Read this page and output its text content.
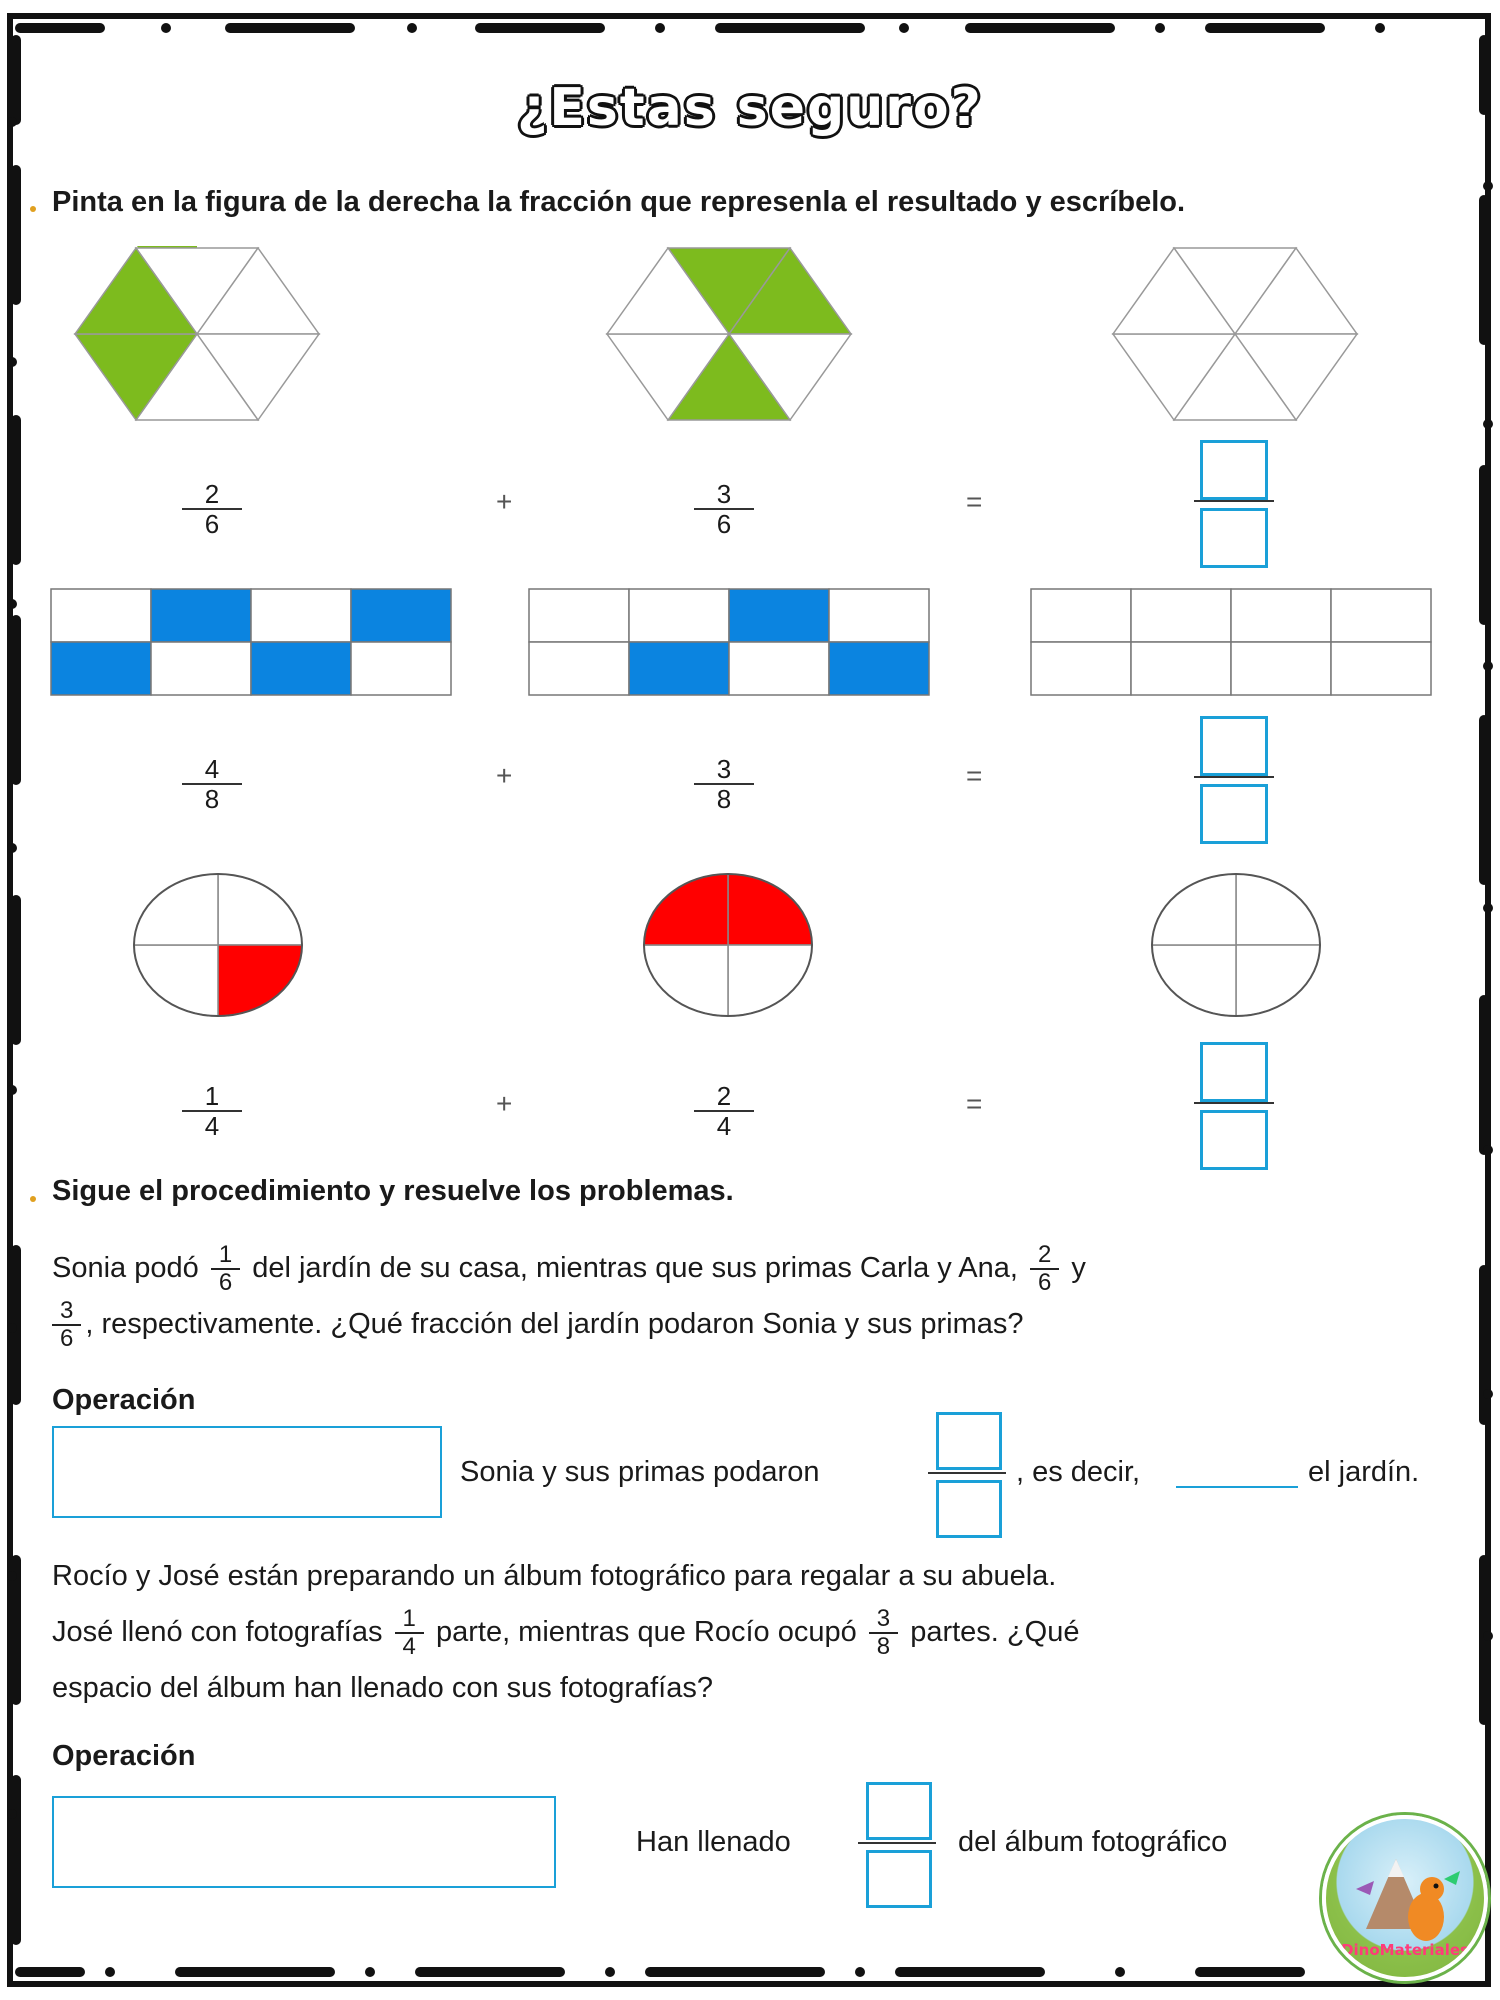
¿Estas seguro?
Pinta en la figura de la derecha la fracción que represenla el resultado y escríbelo.
$\frac{2}{6}$	+	$\frac{3}{6}$	=
$\frac{4}{8}$	+	$\frac{3}{8}$	=
$\frac{1}{4}$	+	$\frac{2}{4}$	=
Sigue el procedimiento y resuelve los problemas.
Sonia podó $\frac{1}{6}$ del jardín de su casa, mientras que sus primas Carla y Ana, $\frac{2}{6}$ y
$\frac{3}{6}$ , respectivamente. ¿Qué fracción del jardín podaron Sonia y sus primas?
Operación
Sonia y sus primas podaron	, es decir,	el jardín.
Rocío y José están preparando un álbum fotográfico para regalar a su abuela.
José llenó con fotografías $\frac{1}{4}$ parte, mientras que Rocío ocupó $\frac{3}{8}$ partes. ¿Qué
espacio del álbum han llenado con sus fotografías?
Operación
Han llenado	del álbum fotográfico
DinoMateriales
